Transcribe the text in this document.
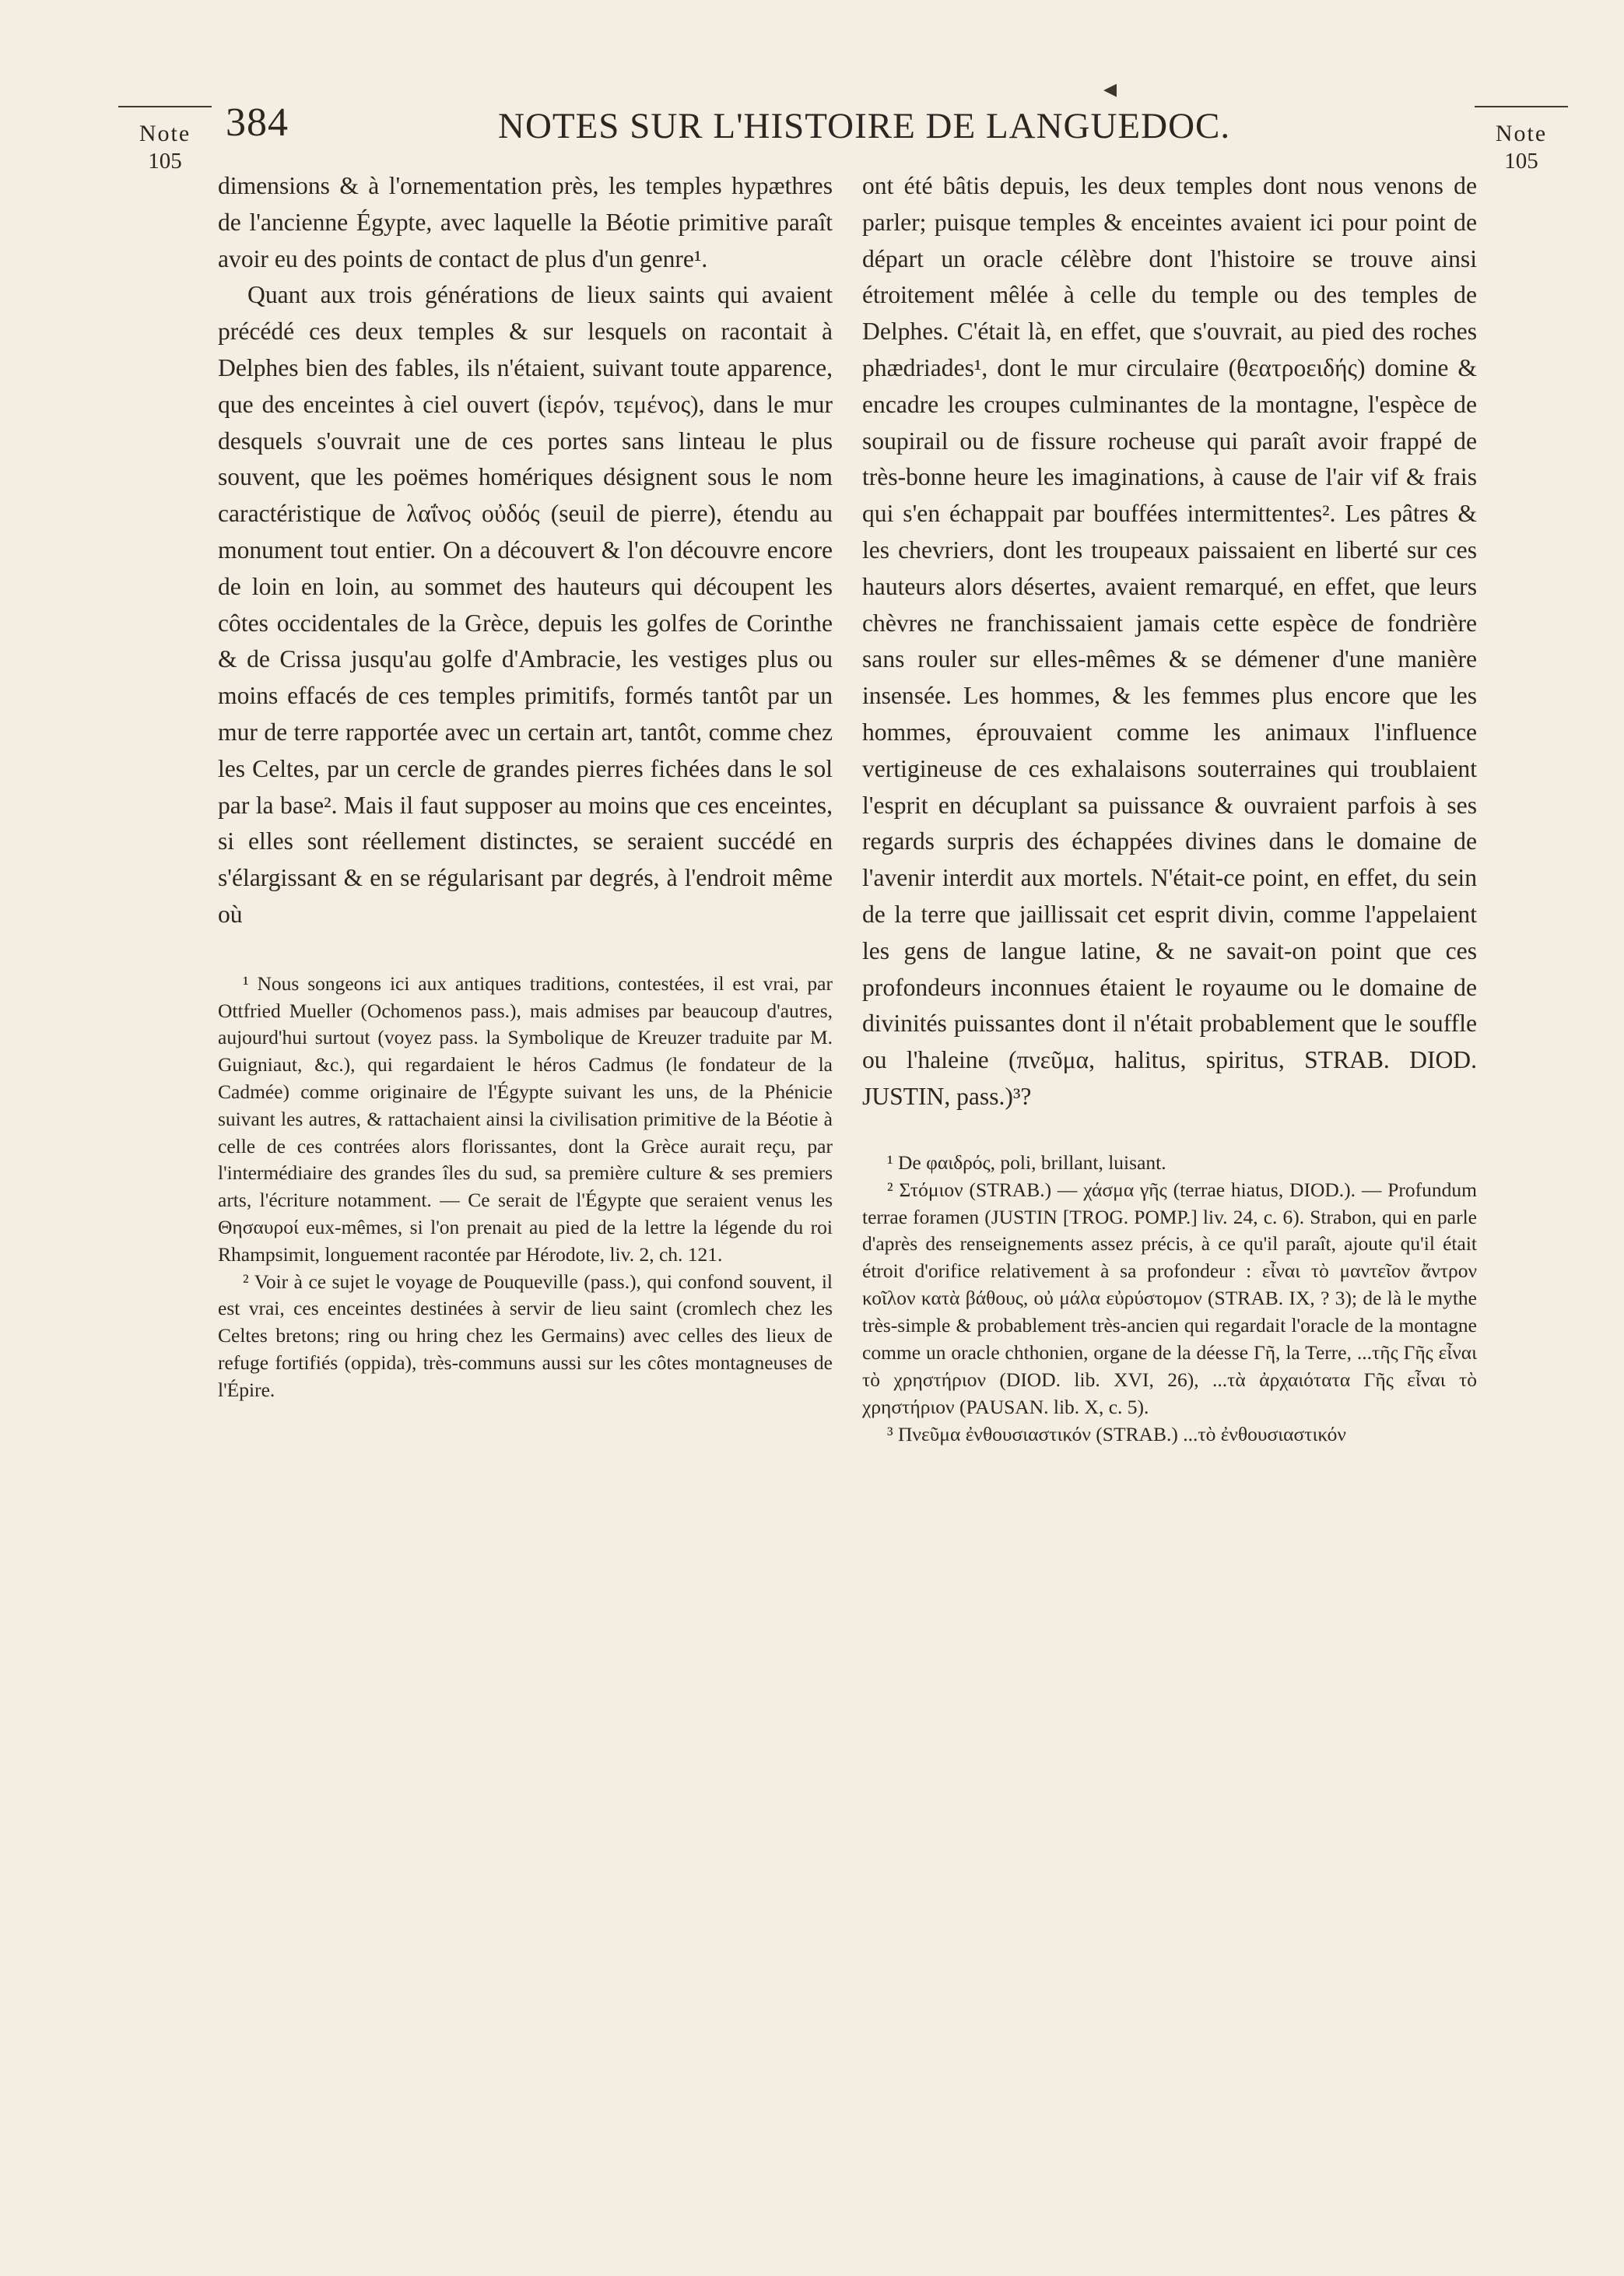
◂
Note
105
Note
105
384	NOTES SUR L'HISTOIRE DE LANGUEDOC.

dimensions & à l'ornementation près, les temples hypæthres de l'ancienne Égypte, avec laquelle la Béotie primitive paraît avoir eu des points de contact de plus d'un genre¹.

Quant aux trois générations de lieux saints qui avaient précédé ces deux temples & sur lesquels on racontait à Delphes bien des fables, ils n'étaient, suivant toute apparence, que des enceintes à ciel ouvert (ἱερόν, τεμένος), dans le mur desquels s'ouvrait une de ces portes sans linteau le plus souvent, que les poëmes homériques désignent sous le nom caractéristique de λαΐνος οὐδός (seuil de pierre), étendu au monument tout entier. On a découvert & l'on découvre encore de loin en loin, au sommet des hauteurs qui découpent les côtes occidentales de la Grèce, depuis les golfes de Corinthe & de Crissa jusqu'au golfe d'Ambracie, les vestiges plus ou moins effacés de ces temples primitifs, formés tantôt par un mur de terre rapportée avec un certain art, tantôt, comme chez les Celtes, par un cercle de grandes pierres fichées dans le sol par la base². Mais il faut supposer au moins que ces enceintes, si elles sont réellement distinctes, se seraient succédé en s'élargissant & en se régularisant par degrés, à l'endroit même où

¹ Nous songeons ici aux antiques traditions, contestées, il est vrai, par Ottfried Mueller (Ochomenos pass.), mais admises par beaucoup d'autres, aujourd'hui surtout (voyez pass. la Symbolique de Kreuzer traduite par M. Guigniaut, &c.), qui regardaient le héros Cadmus (le fondateur de la Cadmée) comme originaire de l'Égypte suivant les uns, de la Phénicie suivant les autres, & rattachaient ainsi la civilisation primitive de la Béotie à celle de ces contrées alors florissantes, dont la Grèce aurait reçu, par l'intermédiaire des grandes îles du sud, sa première culture & ses premiers arts, l'écriture notamment. — Ce serait de l'Égypte que seraient venus les Θησαυροί eux-mêmes, si l'on prenait au pied de la lettre la légende du roi Rhampsimit, longuement racontée par Hérodote, liv. 2, ch. 121.

² Voir à ce sujet le voyage de Pouqueville (pass.), qui confond souvent, il est vrai, ces enceintes destinées à servir de lieu saint (cromlech chez les Celtes bretons; ring ou hring chez les Germains) avec celles des lieux de refuge fortifiés (oppida), très-communs aussi sur les côtes montagneuses de l'Épire.

ont été bâtis depuis, les deux temples dont nous venons de parler; puisque temples & enceintes avaient ici pour point de départ un oracle célèbre dont l'histoire se trouve ainsi étroitement mêlée à celle du temple ou des temples de Delphes. C'était là, en effet, que s'ouvrait, au pied des roches phædriades¹, dont le mur circulaire (θεατροειδής) domine & encadre les croupes culminantes de la montagne, l'espèce de soupirail ou de fissure rocheuse qui paraît avoir frappé de très-bonne heure les imaginations, à cause de l'air vif & frais qui s'en échappait par bouffées intermittentes². Les pâtres & les chevriers, dont les troupeaux paissaient en liberté sur ces hauteurs alors désertes, avaient remarqué, en effet, que leurs chèvres ne franchissaient jamais cette espèce de fondrière sans rouler sur elles-mêmes & se démener d'une manière insensée. Les hommes, & les femmes plus encore que les hommes, éprouvaient comme les animaux l'influence vertigineuse de ces exhalaisons souterraines qui troublaient l'esprit en décuplant sa puissance & ouvraient parfois à ses regards surpris des échappées divines dans le domaine de l'avenir interdit aux mortels. N'était-ce point, en effet, du sein de la terre que jaillissait cet esprit divin, comme l'appelaient les gens de langue latine, & ne savait-on point que ces profondeurs inconnues étaient le royaume ou le domaine de divinités puissantes dont il n'était probablement que le souffle ou l'haleine (πνεῦμα, halitus, spiritus, STRAB. DIOD. JUSTIN, pass.)³?

¹ De φαιδρός, poli, brillant, luisant.

² Στόμιον (STRAB.) — χάσμα γῆς (terrae hiatus, DIOD.). — Profundum terrae foramen (JUSTIN [TROG. POMP.] liv. 24, c. 6). Strabon, qui en parle d'après des renseignements assez précis, à ce qu'il paraît, ajoute qu'il était étroit d'orifice relativement à sa profondeur : εἶναι τὸ μαντεῖον ἄντρον κοῖλον κατὰ βάθους, οὐ μάλα εὐρύστομον (STRAB. IX, ? 3); de là le mythe très-simple & probablement très-ancien qui regardait l'oracle de la montagne comme un oracle chthonien, organe de la déesse Γῆ, la Terre, ...τῆς Γῆς εἶναι τὸ χρηστήριον (DIOD. lib. XVI, 26), ...τὰ ἀρχαιότατα Γῆς εἶναι τὸ χρηστήριον (PAUSAN. lib. X, c. 5).

³ Πνεῦμα ἐνθουσιαστικόν (STRAB.) ...τὸ ἐνθουσιαστικόν
